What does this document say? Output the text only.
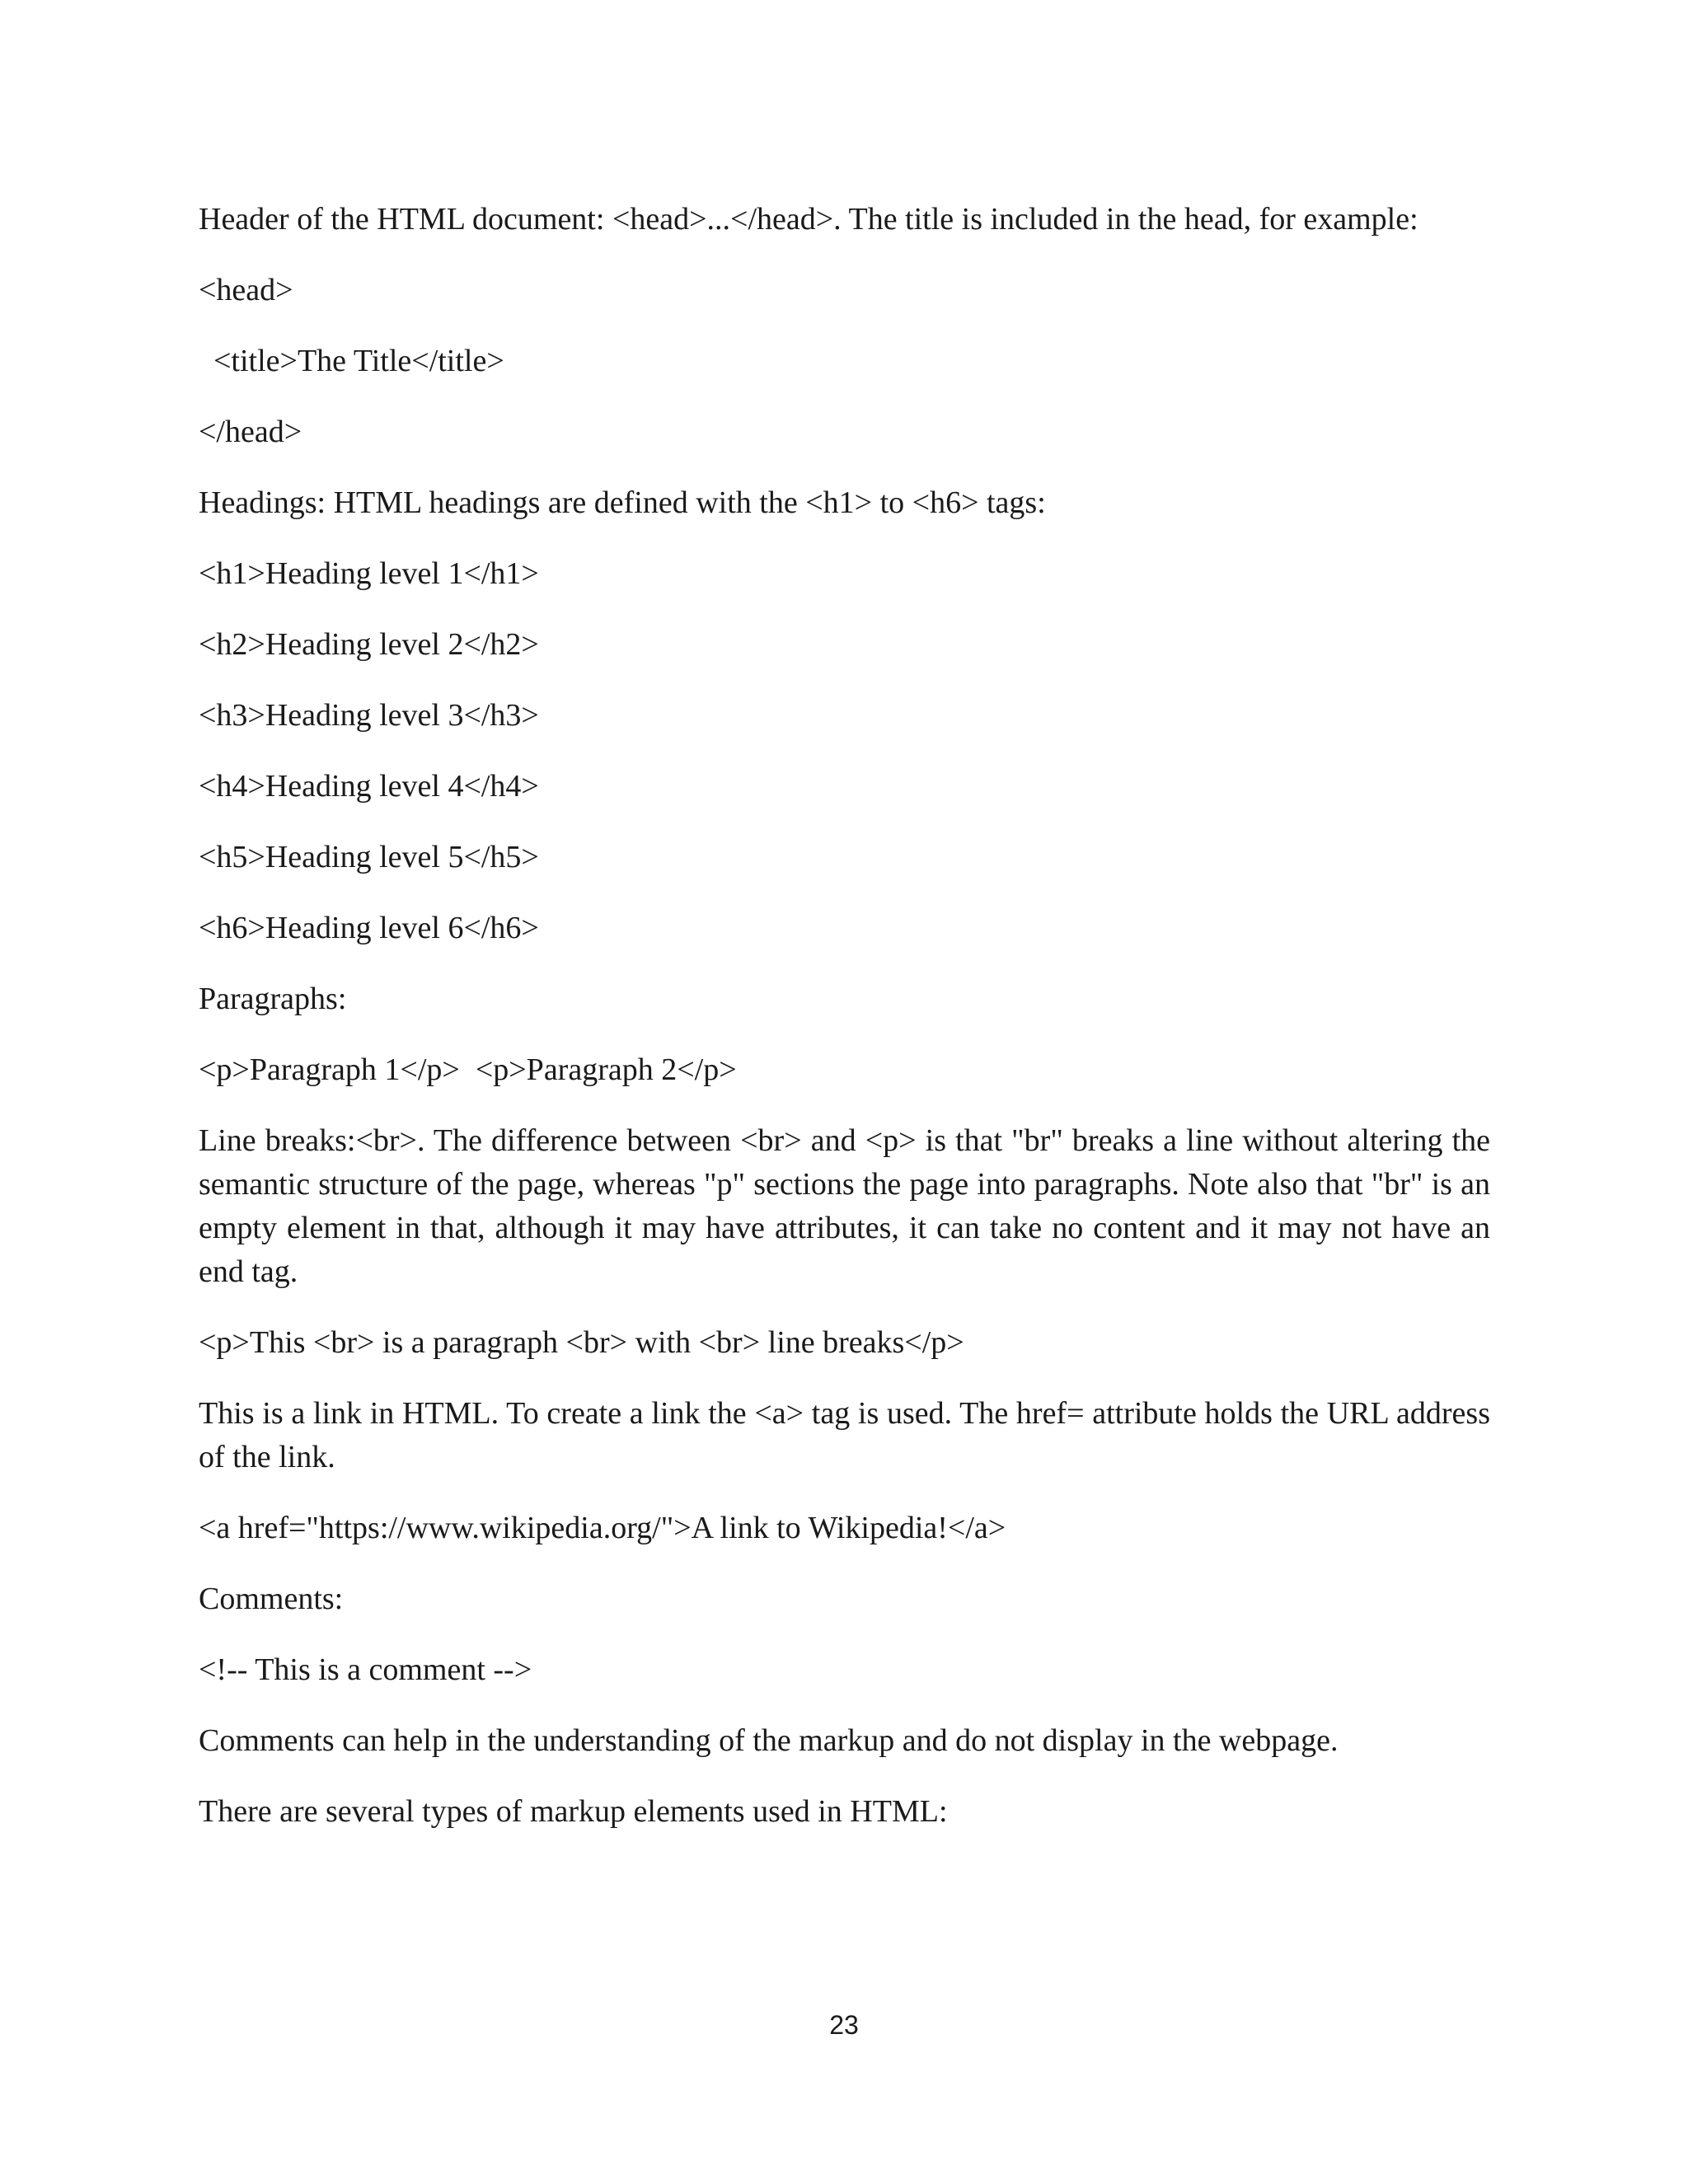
Header of the HTML document: <head>...</head>. The title is included in the head, for example:

<head>

<title>The Title</title>

</head>

Headings: HTML headings are defined with the <h1> to <h6> tags:

<h1>Heading level 1</h1>

<h2>Heading level 2</h2>

<h3>Heading level 3</h3>

<h4>Heading level 4</h4>

<h5>Heading level 5</h5>

<h6>Heading level 6</h6>

Paragraphs:

<p>Paragraph 1</p>  <p>Paragraph 2</p>

Line breaks:<br>. The difference between <br> and <p> is that "br" breaks a line without altering the semantic structure of the page, whereas "p" sections the page into paragraphs. Note also that "br" is an empty element in that, although it may have attributes, it can take no content and it may not have an end tag.

<p>This <br> is a paragraph <br> with <br> line breaks</p>

This is a link in HTML. To create a link the <a> tag is used. The href= attribute holds the URL address of the link.

<a href="https://www.wikipedia.org/">A link to Wikipedia!</a>

Comments:

<!-- This is a comment -->

Comments can help in the understanding of the markup and do not display in the webpage.

There are several types of markup elements used in HTML:

23
